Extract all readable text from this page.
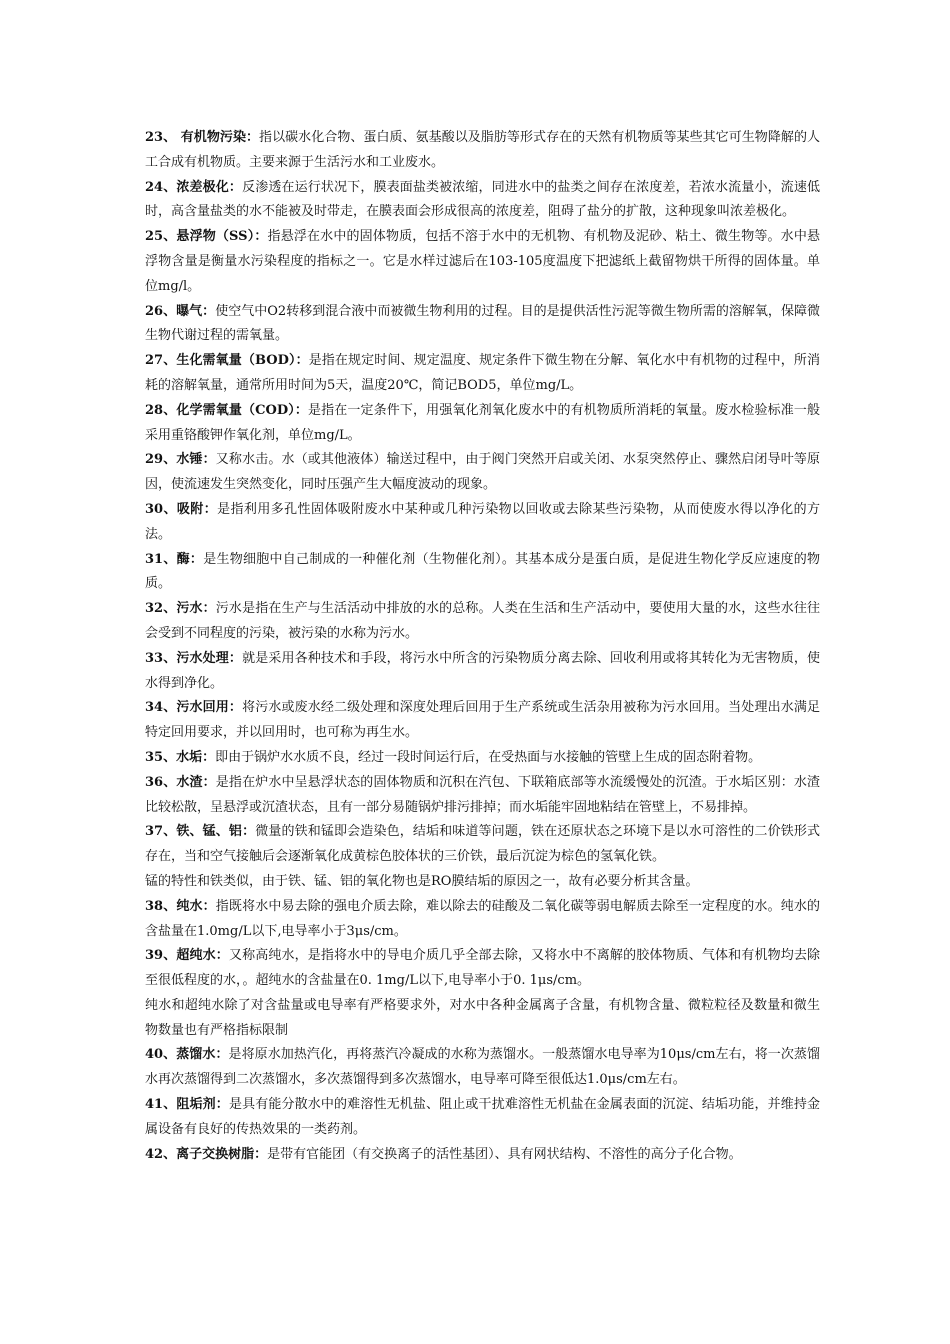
23、 有机物污染：指以碳水化合物、蛋白质、氨基酸以及脂肪等形式存在的天然有机物质等某些其它可生物降解的人工合成有机物质。主要来源于生活污水和工业废水。

24、浓差极化：反渗透在运行状况下，膜表面盐类被浓缩，同进水中的盐类之间存在浓度差，若浓水流量小，流速低时，高含量盐类的水不能被及时带走，在膜表面会形成很高的浓度差，阻碍了盐分的扩散，这种现象叫浓差极化。

25、悬浮物（SS）：指悬浮在水中的固体物质，包括不溶于水中的无机物、有机物及泥砂、粘土、微生物等。水中悬浮物含量是衡量水污染程度的指标之一。它是水样过滤后在103-105度温度下把滤纸上截留物烘干所得的固体量。单位mg/l。

26、曝气：使空气中O2转移到混合液中而被微生物利用的过程。目的是提供活性污泥等微生物所需的溶解氧，保障微生物代谢过程的需氧量。

27、生化需氧量（BOD）：是指在规定时间、规定温度、规定条件下微生物在分解、氧化水中有机物的过程中，所消耗的溶解氧量，通常所用时间为5天，温度20℃，简记BOD5，单位mg/L。

28、化学需氧量（COD）：是指在一定条件下，用强氧化剂氧化废水中的有机物质所消耗的氧量。废水检验标准一般采用重铬酸钾作氧化剂，单位mg/L。

29、水锤：又称水击。水（或其他液体）输送过程中，由于阀门突然开启或关闭、水泵突然停止、骤然启闭导叶等原因，使流速发生突然变化，同时压强产生大幅度波动的现象。

30、吸附：是指利用多孔性固体吸附废水中某种或几种污染物以回收或去除某些污染物，从而使废水得以净化的方法。

31、酶：是生物细胞中自己制成的一种催化剂（生物催化剂）。其基本成分是蛋白质，是促进生物化学反应速度的物质。

32、污水：污水是指在生产与生活活动中排放的水的总称。人类在生活和生产活动中，要使用大量的水，这些水往往会受到不同程度的污染，被污染的水称为污水。

33、污水处理：就是采用各种技术和手段，将污水中所含的污染物质分离去除、回收利用或将其转化为无害物质，使水得到净化。

34、污水回用：将污水或废水经二级处理和深度处理后回用于生产系统或生活杂用被称为污水回用。当处理出水满足特定回用要求，并以回用时，也可称为再生水。

35、水垢：即由于锅炉水水质不良，经过一段时间运行后，在受热面与水接触的管壁上生成的固态附着物。

36、水渣：是指在炉水中呈悬浮状态的固体物质和沉积在汽包、下联箱底部等水流缓慢处的沉渣。于水垢区别：水渣比较松散，呈悬浮或沉渣状态，且有一部分易随锅炉排污排掉；而水垢能牢固地粘结在管壁上，不易排掉。

37、铁、锰、铝：微量的铁和锰即会造染色，结垢和味道等问题，铁在还原状态之环境下是以水可溶性的二价铁形式存在，当和空气接触后会逐渐氧化成黄棕色胶体状的三价铁，最后沉淀为棕色的氢氧化铁。

锰的特性和铁类似，由于铁、锰、铝的氧化物也是RO膜结垢的原因之一，故有必要分析其含量。

38、纯水：指既将水中易去除的强电介质去除，难以除去的硅酸及二氧化碳等弱电解质去除至一定程度的水。纯水的含盐量在1.0mg/L以下,电导率小于3μs/cm。

39、超纯水：又称高纯水，是指将水中的导电介质几乎全部去除，又将水中不离解的胶体物质、气体和有机物均去除至很低程度的水，。超纯水的含盐量在0. 1mg/L以下,电导率小于0. 1μs/cm。

纯水和超纯水除了对含盐量或电导率有严格要求外，对水中各种金属离子含量，有机物含量、微粒粒径及数量和微生物数量也有严格指标限制

40、蒸馏水：是将原水加热汽化，再将蒸汽冷凝成的水称为蒸馏水。一般蒸馏水电导率为10μs/cm左右，将一次蒸馏水再次蒸馏得到二次蒸馏水，多次蒸馏得到多次蒸馏水，电导率可降至很低达1.0μs/cm左右。

41、阻垢剂：是具有能分散水中的难溶性无机盐、阻止或干扰难溶性无机盐在金属表面的沉淀、结垢功能，并维持金属设备有良好的传热效果的一类药剂。

42、离子交换树脂：是带有官能团（有交换离子的活性基团）、具有网状结构、不溶性的高分子化合物。
